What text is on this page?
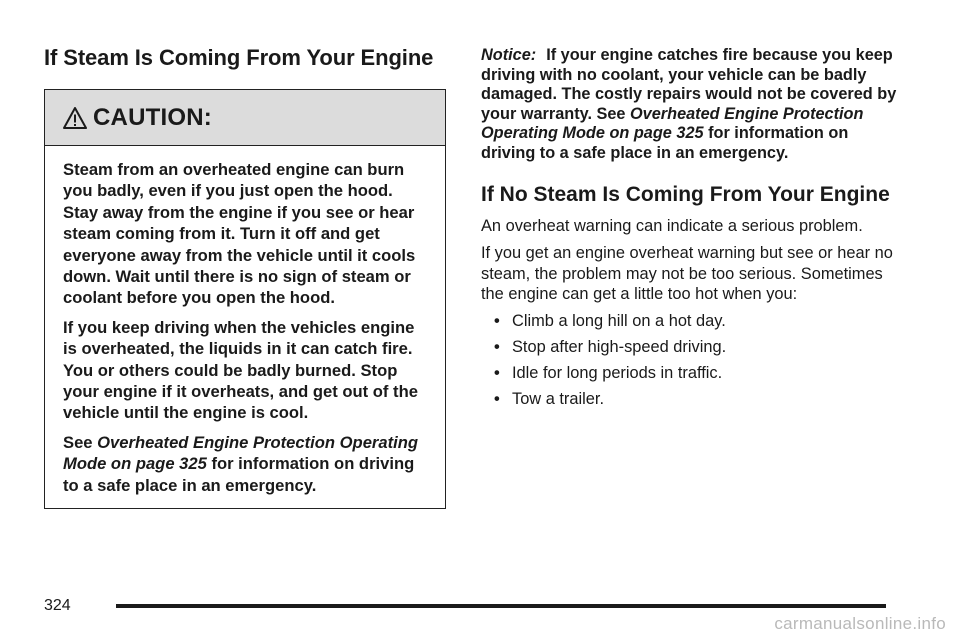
If Steam Is Coming From Your Engine
CAUTION:

Steam from an overheated engine can burn you badly, even if you just open the hood. Stay away from the engine if you see or hear steam coming from it. Turn it off and get everyone away from the vehicle until it cools down. Wait until there is no sign of steam or coolant before you open the hood.

If you keep driving when the vehicles engine is overheated, the liquids in it can catch fire. You or others could be badly burned. Stop your engine if it overheats, and get out of the vehicle until the engine is cool.

See Overheated Engine Protection Operating Mode on page 325 for information on driving to a safe place in an emergency.

Notice: If your engine catches fire because you keep driving with no coolant, your vehicle can be badly damaged. The costly repairs would not be covered by your warranty. See Overheated Engine Protection Operating Mode on page 325 for information on driving to a safe place in an emergency.

If No Steam Is Coming From Your Engine

An overheat warning can indicate a serious problem.

If you get an engine overheat warning but see or hear no steam, the problem may not be too serious. Sometimes the engine can get a little too hot when you:

• Climb a long hill on a hot day.
• Stop after high-speed driving.
• Idle for long periods in traffic.
• Tow a trailer.
324
carmanualsonline.info
